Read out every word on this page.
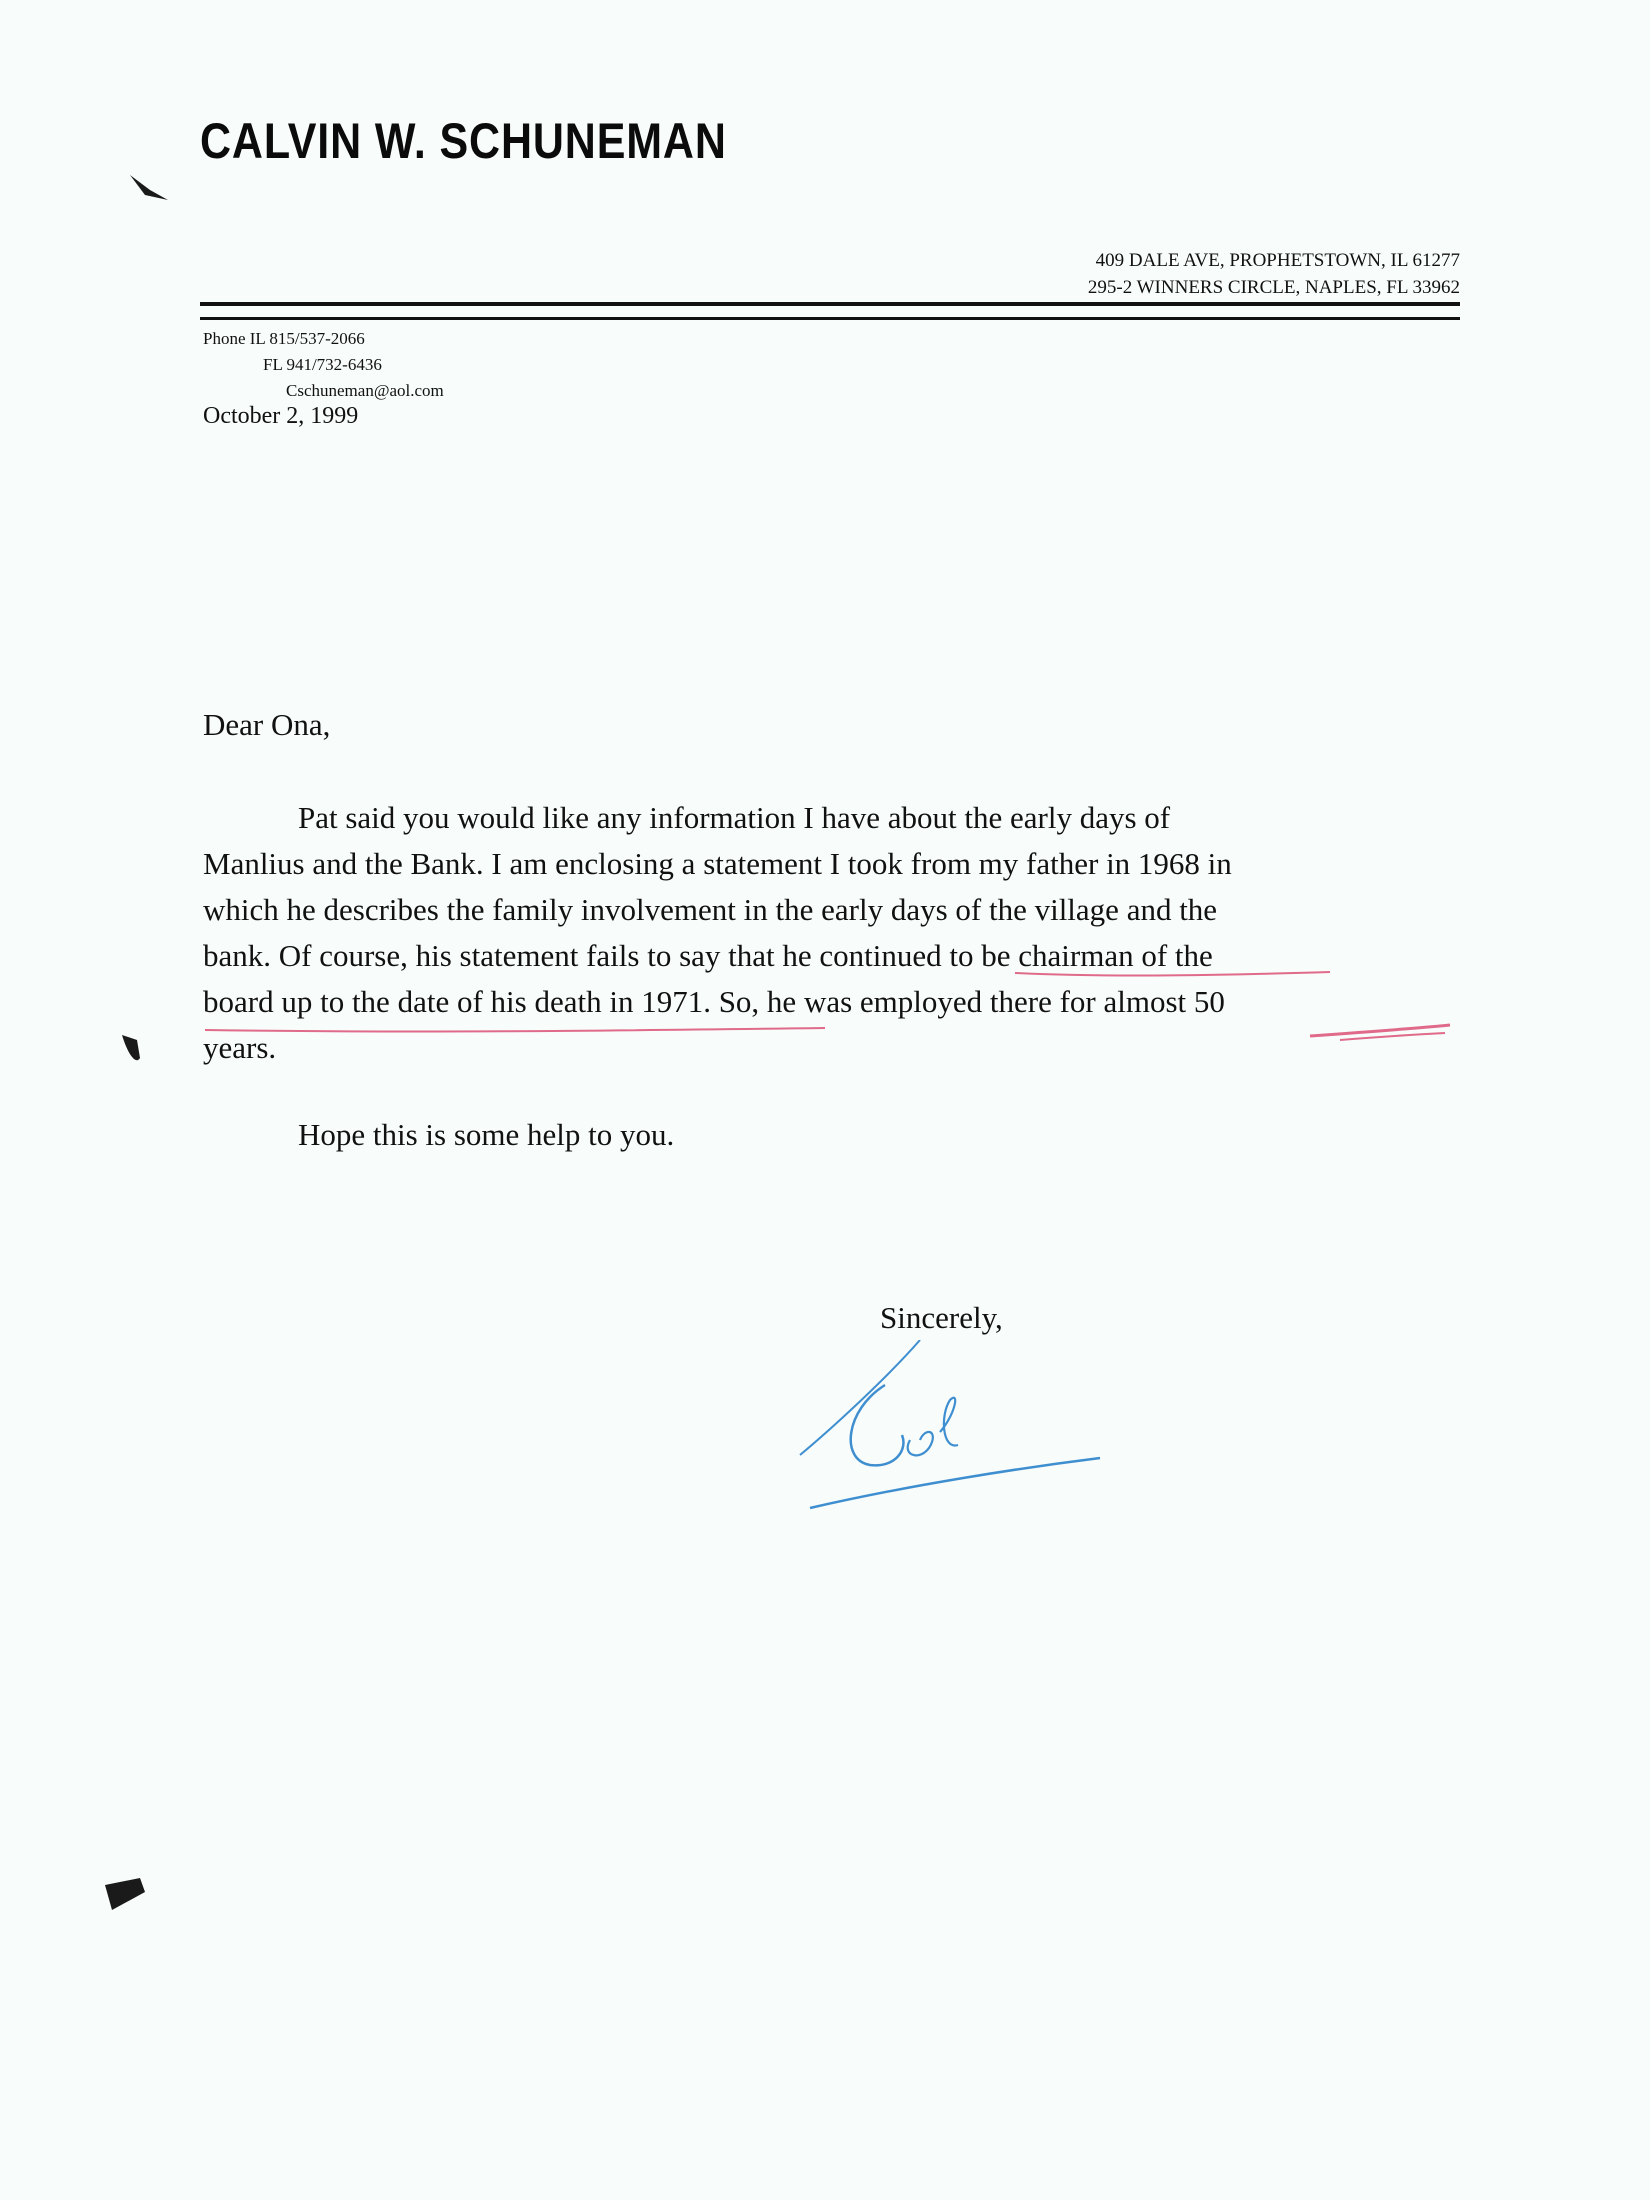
CALVIN W. SCHUNEMAN
409 DALE AVE, PROPHETSTOWN, IL 61277
295-2 WINNERS CIRCLE, NAPLES, FL 33962
Phone IL 815/537-2066
FL 941/732-6436
Cschuneman@aol.com
October 2, 1999
Dear Ona,
Pat said you would like any information I have about the early days of
Manlius and the Bank. I am enclosing a statement I took from my father in 1968 in
which he describes the family involvement in the early days of the village and the
bank. Of course, his statement fails to say that he continued to be chairman of the
board up to the date of his death in 1971. So, he was employed there for almost 50
years.
Hope this is some help to you.
Sincerely,
